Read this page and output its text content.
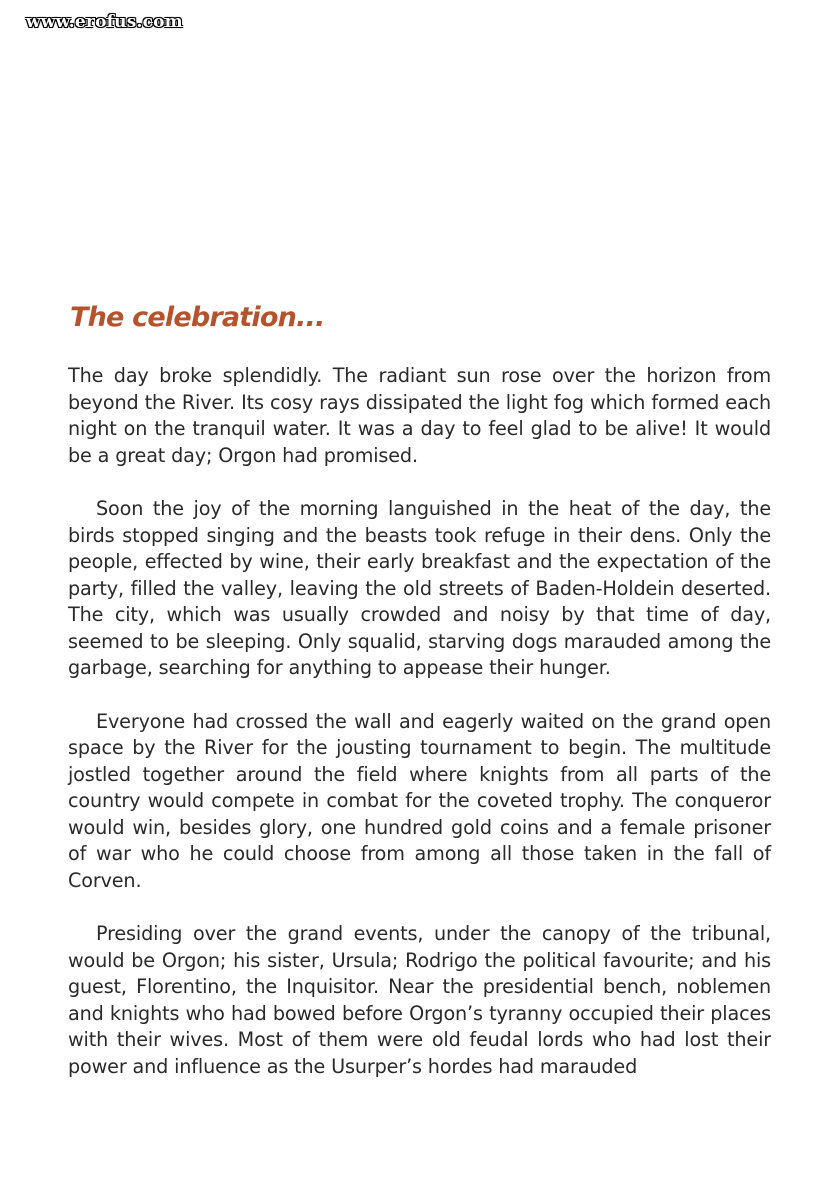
www.erofus.com
The celebration...

The day broke splendidly. The radiant sun rose over the horizon from beyond the River. Its cosy rays dissipated the light fog which formed each night on the tranquil water. It was a day to feel glad to be alive! It would be a great day; Orgon had promised.

Soon the joy of the morning languished in the heat of the day, the birds stopped singing and the beasts took refuge in their dens. Only the people, effected by wine, their early breakfast and the expectation of the party, filled the valley, leaving the old streets of Baden-Holdein deserted. The city, which was usually crowded and noisy by that time of day, seemed to be sleeping. Only squalid, starving dogs marauded among the garbage, searching for anything to appease their hunger.

Everyone had crossed the wall and eagerly waited on the grand open space by the River for the jousting tournament to begin. The multitude jostled together around the field where knights from all parts of the country would compete in combat for the coveted trophy. The conqueror would win, besides glory, one hundred gold coins and a female prisoner of war who he could choose from among all those taken in the fall of Corven.

Presiding over the grand events, under the canopy of the tribunal, would be Orgon; his sister, Ursula; Rodrigo the political favourite; and his guest, Florentino, the Inquisitor. Near the presidential bench, noblemen and knights who had bowed before Orgon’s tyranny occupied their places with their wives. Most of them were old feudal lords who had lost their power and influence as the Usurper’s hordes had marauded
